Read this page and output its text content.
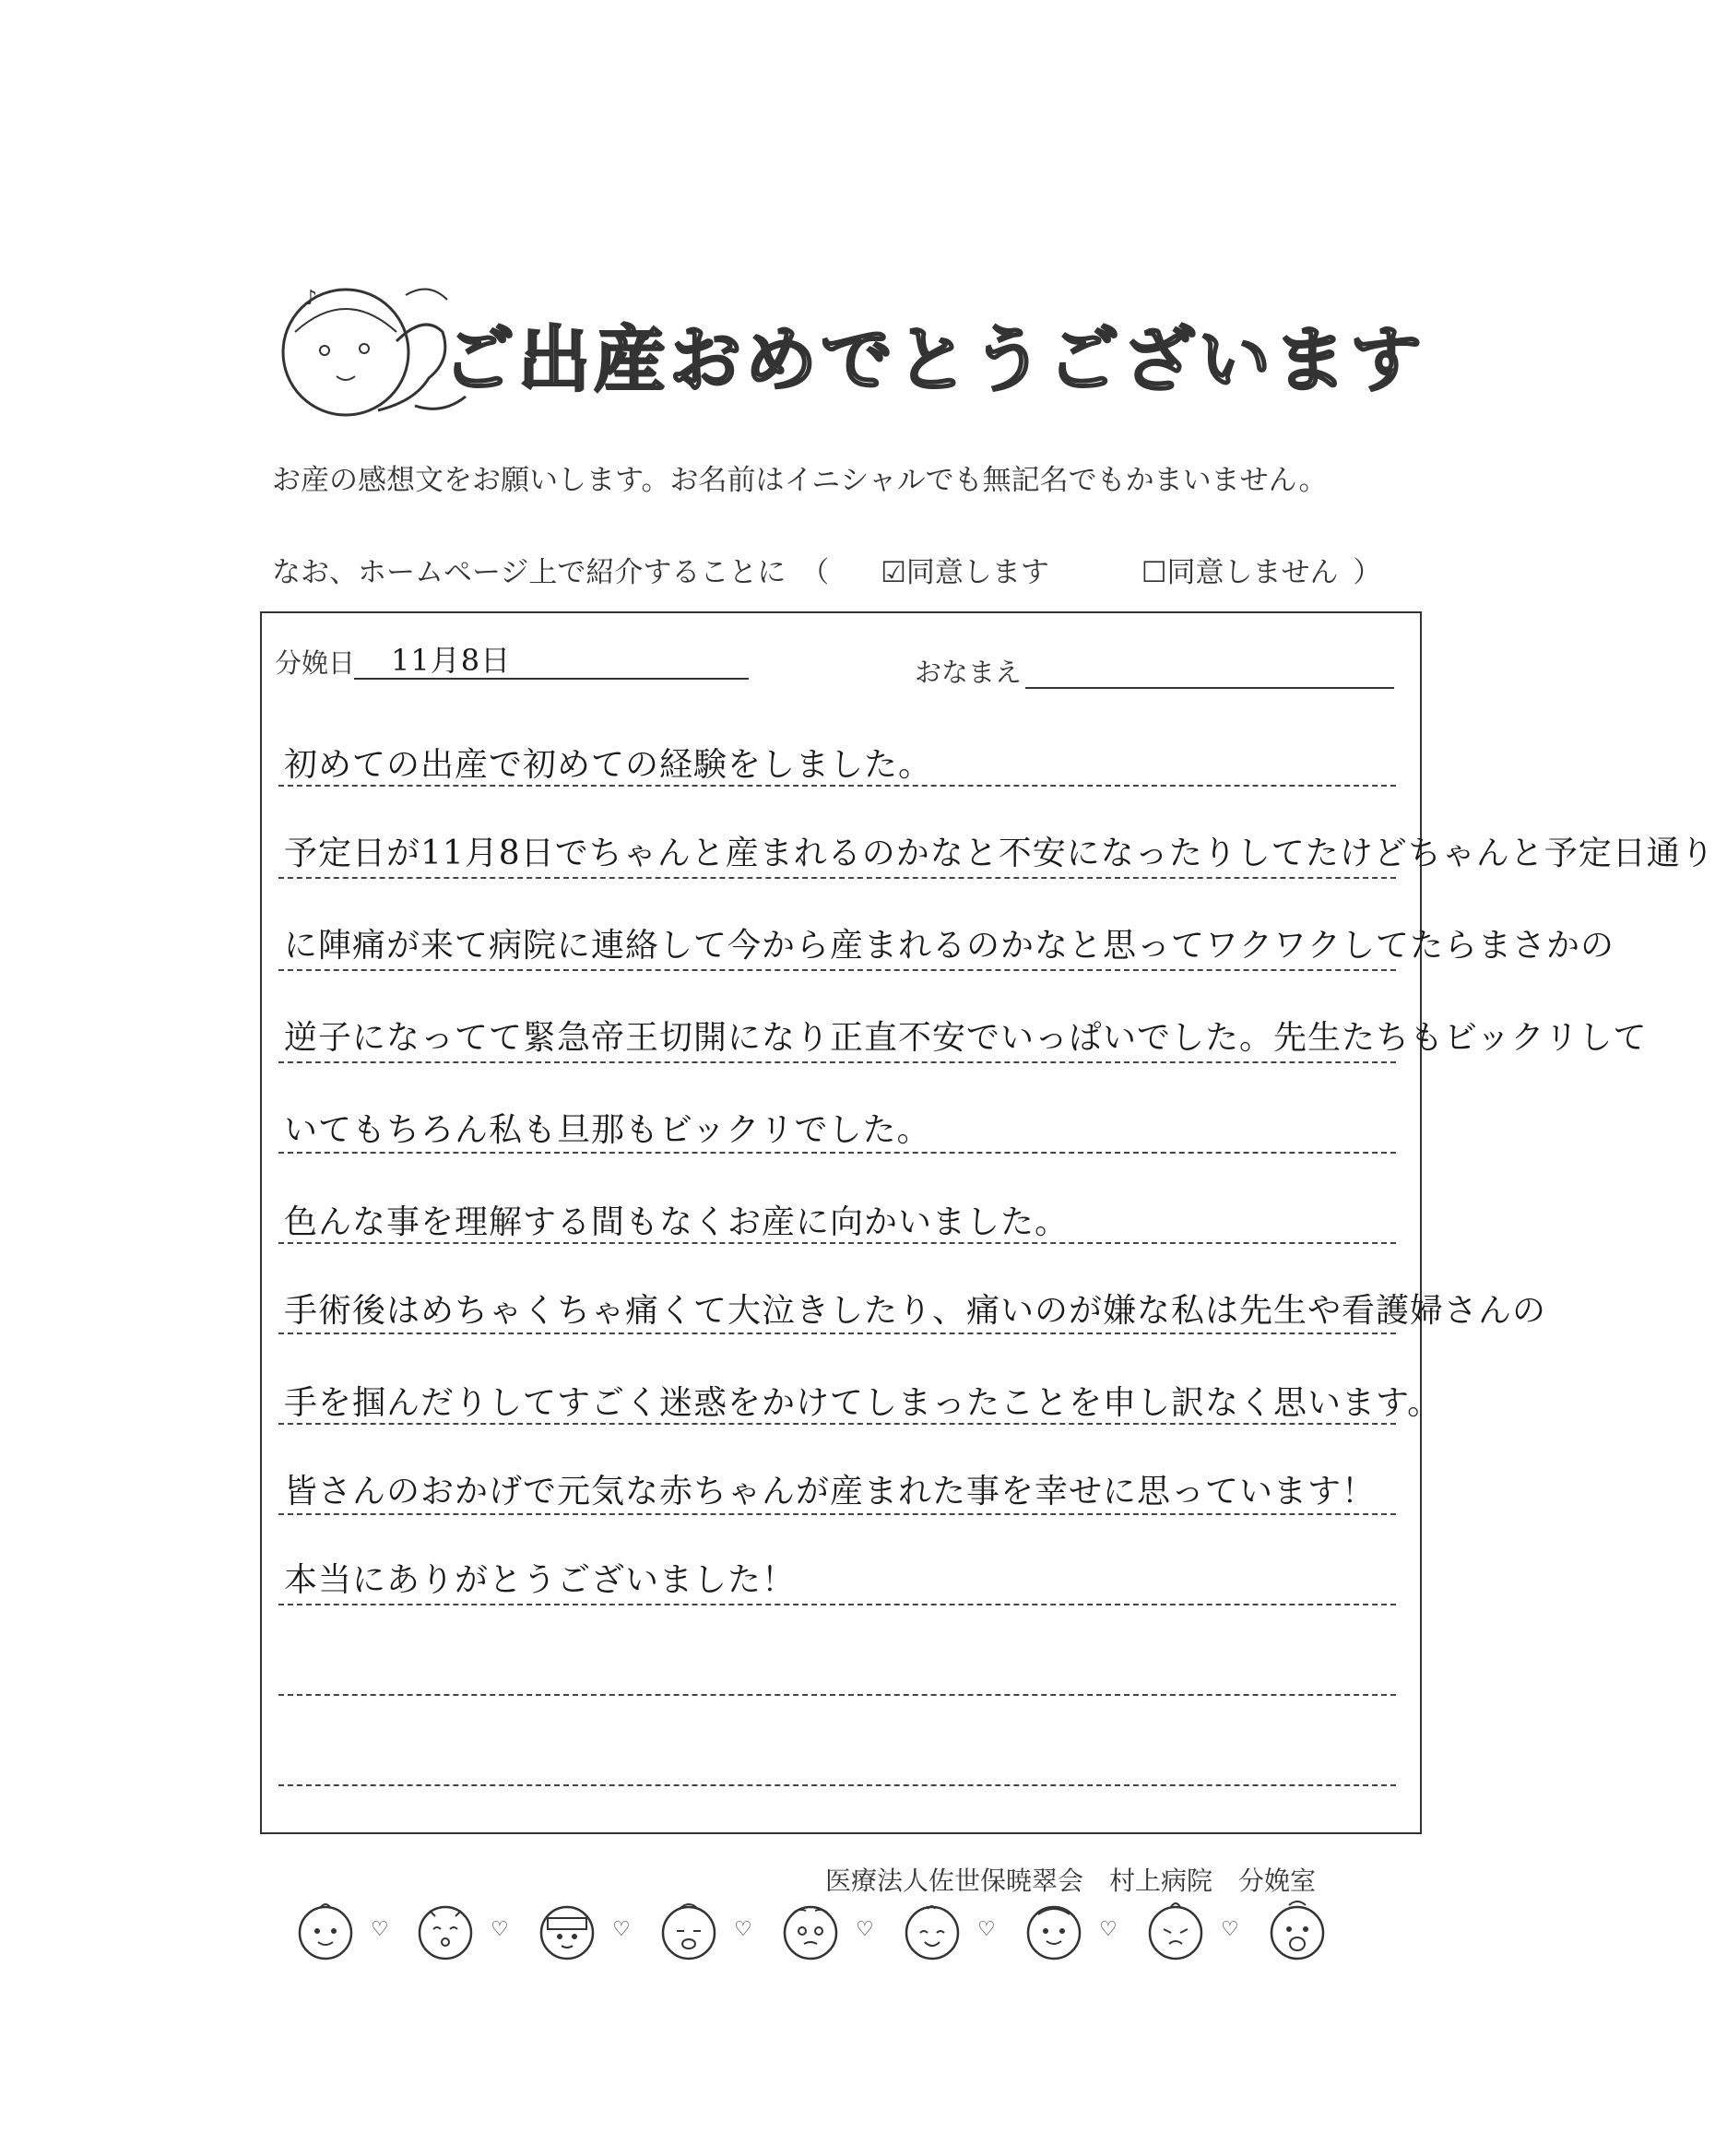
♪
ご出産おめでとうございます
お産の感想文をお願いします。お名前はイニシャルでも無記名でもかまいません。
なお、ホームページ上で紹介することに （ ☑同意します	☐同意しません ）
分娩日 11月8日	おなまえ
初めての出産で初めての経験をしました。
予定日が11月8日でちゃんと産まれるのかなと不安になったりしてたけどちゃんと予定日通り
に陣痛が来て病院に連絡して今から産まれるのかなと思ってワクワクしてたらまさかの
逆子になってて緊急帝王切開になり正直不安でいっぱいでした。先生たちもビックリして
いてもちろん私も旦那もビックリでした。
色んな事を理解する間もなくお産に向かいました。
手術後はめちゃくちゃ痛くて大泣きしたり、痛いのが嫌な私は先生や看護婦さんの
手を掴んだりしてすごく迷惑をかけてしまったことを申し訳なく思います。
皆さんのおかげで元気な赤ちゃんが産まれた事を幸せに思っています！
本当にありがとうございました！
医療法人佐世保暁翠会　村上病院　分娩室
♡	♡	♡	♡	♡	♡	♡	♡
